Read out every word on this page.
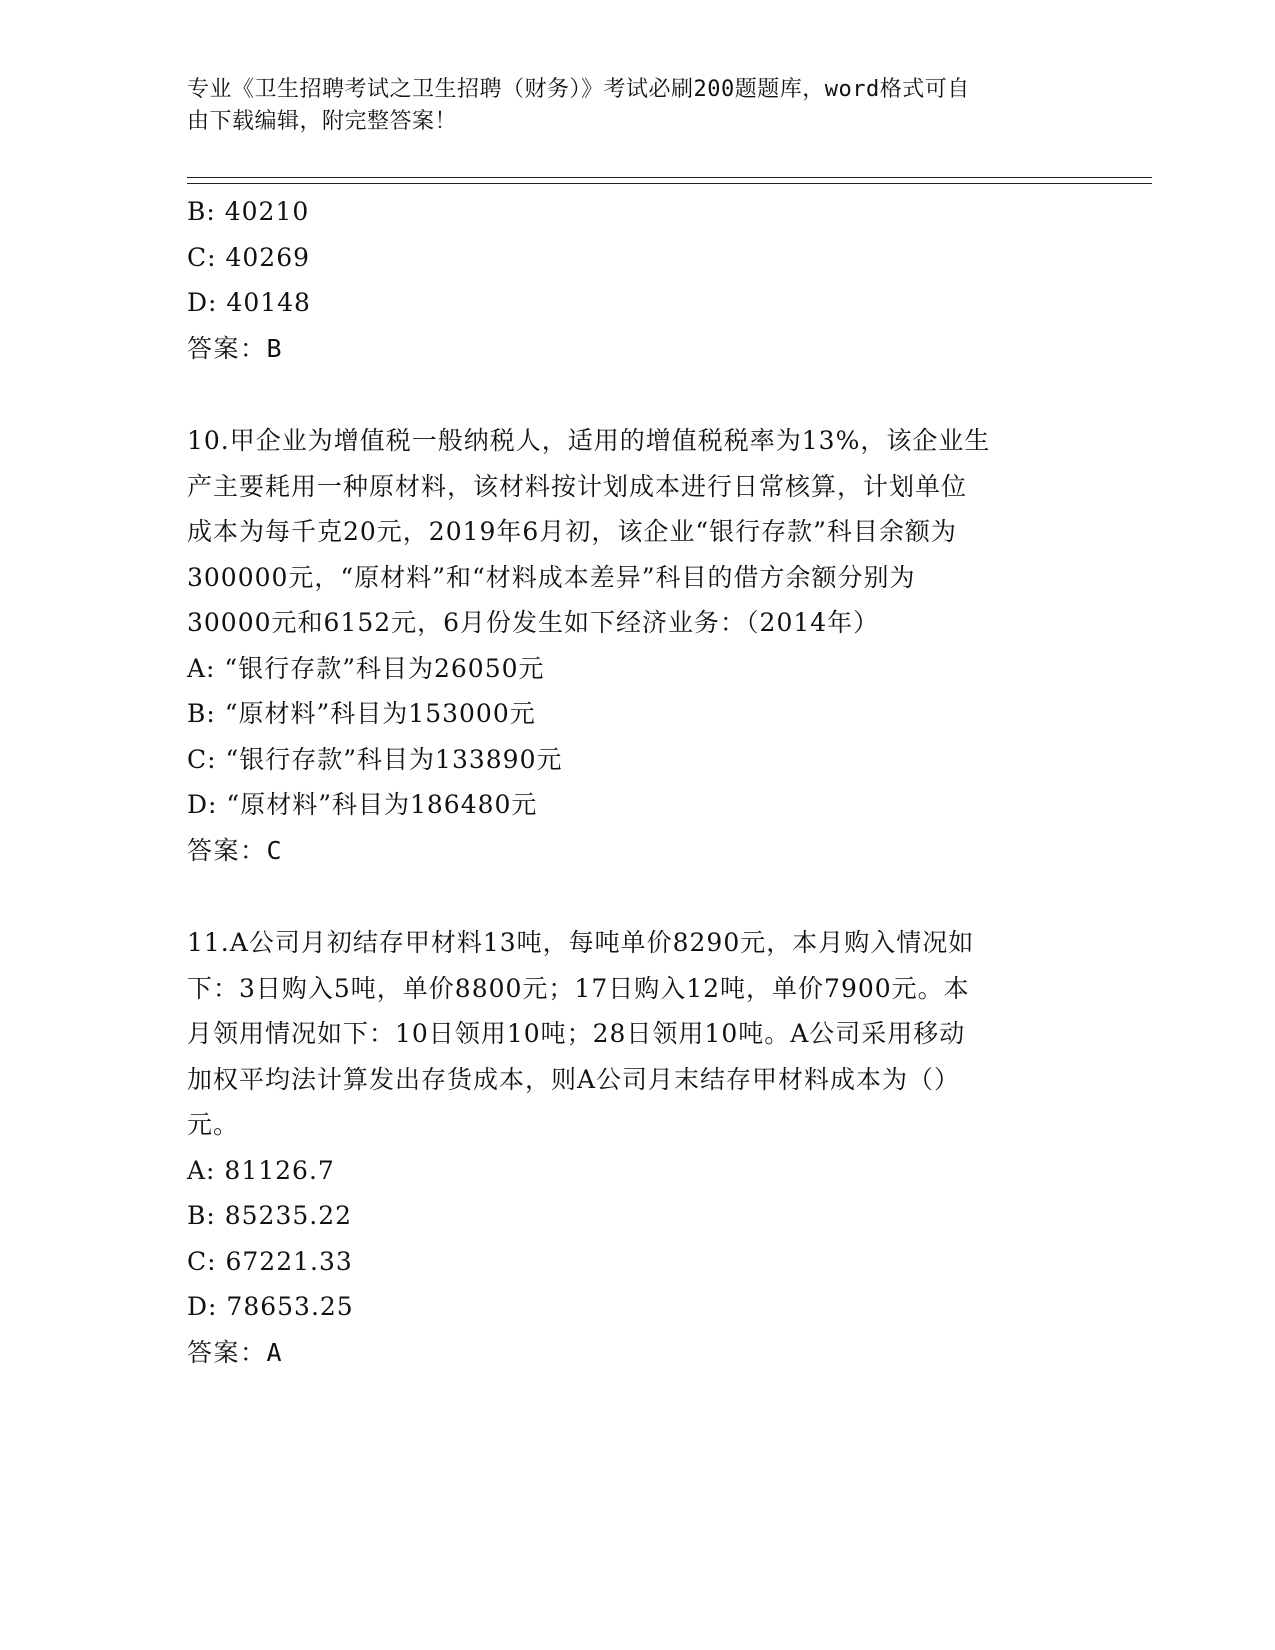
专业《卫生招聘考试之卫生招聘（财务）》考试必刷200题题库，word格式可自
由下载编辑，附完整答案！
B: 40210
C: 40269
D: 40148
答案：B
10.甲企业为增值税一般纳税人，适用的增值税税率为13%，该企业生
产主要耗用一种原材料，该材料按计划成本进行日常核算，计划单位
成本为每千克20元，2019年6月初，该企业“银行存款”科目余额为
300000元，“原材料”和“材料成本差异”科目的借方余额分别为
30000元和6152元，6月份发生如下经济业务：（2014年）
A: “银行存款”科目为26050元
B: “原材料”科目为153000元
C: “银行存款”科目为133890元
D: “原材料”科目为186480元
答案：C
11.A公司月初结存甲材料13吨，每吨单价8290元，本月购入情况如
下：3日购入5吨，单价8800元；17日购入12吨，单价7900元。本
月领用情况如下：10日领用10吨；28日领用10吨。A公司采用移动
加权平均法计算发出存货成本，则A公司月末结存甲材料成本为（）
元。
A: 81126.7
B: 85235.22
C: 67221.33
D: 78653.25
答案：A
